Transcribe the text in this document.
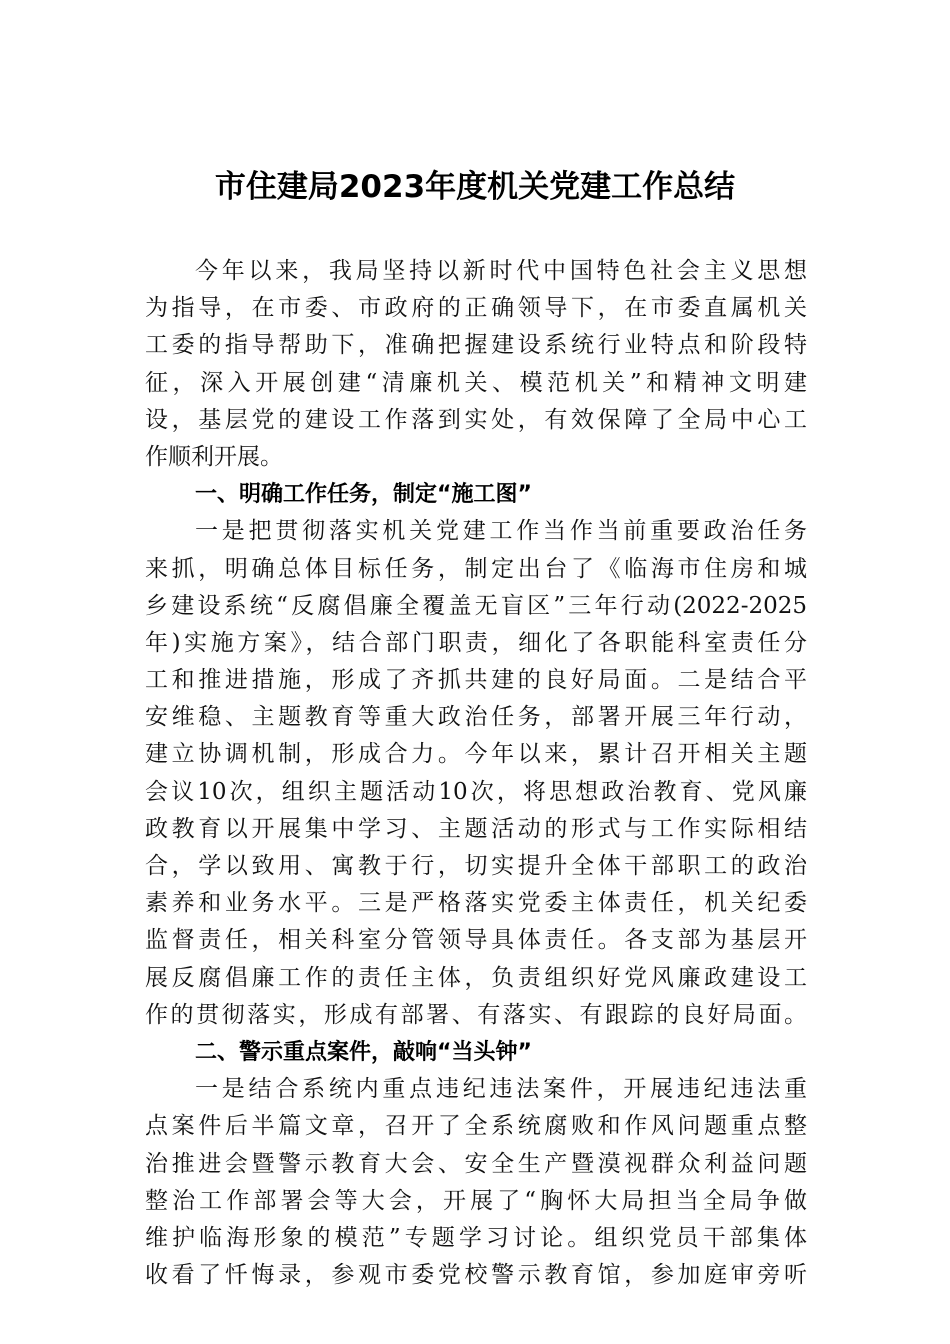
市住建局2023年度机关党建工作总结
今年以来，我局坚持以新时代中国特色社会主义思想
为指导，在市委、市政府的正确领导下，在市委直属机关
工委的指导帮助下，准确把握建设系统行业特点和阶段特
征，深入开展创建“清廉机关、模范机关”和精神文明建
设，基层党的建设工作落到实处，有效保障了全局中心工
作顺利开展。
一、明确工作任务，制定“施工图”
一是把贯彻落实机关党建工作当作当前重要政治任务
来抓，明确总体目标任务，制定出台了《临海市住房和城
乡建设系统“反腐倡廉全覆盖无盲区”三年行动(2022-2025
年)实施方案》，结合部门职责，细化了各职能科室责任分
工和推进措施，形成了齐抓共建的良好局面。二是结合平
安维稳、主题教育等重大政治任务，部署开展三年行动，
建立协调机制，形成合力。今年以来，累计召开相关主题
会议10次，组织主题活动10次，将思想政治教育、党风廉
政教育以开展集中学习、主题活动的形式与工作实际相结
合，学以致用、寓教于行，切实提升全体干部职工的政治
素养和业务水平。三是严格落实党委主体责任，机关纪委
监督责任，相关科室分管领导具体责任。各支部为基层开
展反腐倡廉工作的责任主体，负责组织好党风廉政建设工
作的贯彻落实，形成有部署、有落实、有跟踪的良好局面。
二、警示重点案件，敲响“当头钟”
一是结合系统内重点违纪违法案件，开展违纪违法重
点案件后半篇文章，召开了全系统腐败和作风问题重点整
治推进会暨警示教育大会、安全生产暨漠视群众利益问题
整治工作部署会等大会，开展了“胸怀大局担当全局争做
维护临海形象的模范”专题学习讨论。组织党员干部集体
收看了忏悔录，参观市委党校警示教育馆，参加庭审旁听
